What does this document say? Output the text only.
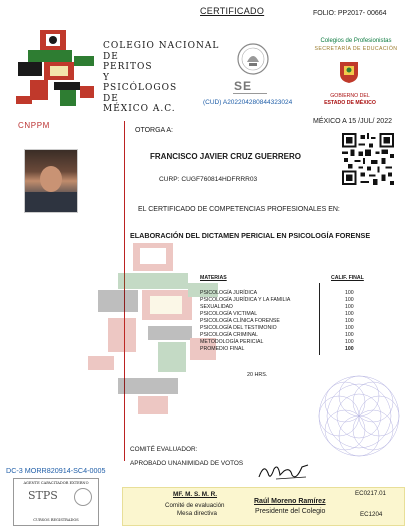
CERTIFICADO	FOLIO: PP2017- 00664
COLEGIO NACIONAL
DE
PERITOS
Y
PSICÓLOGOS
DE
MÉXICO A.C.
SE
(CUD) A202204280844323024
Colegios de Profesionistas
SECRETARÍA DE EDUCACIÓN
GOBIERNO DEL
ESTADO DE MÉXICO
CNPPM	MÉXICO A 15 /JUL/ 2022
OTORGA A:
FRANCISCO JAVIER CRUZ GUERRERO
CURP: CUGF760814HDFRRR03
EL CERTIFICADO DE COMPETENCIAS PROFESIONALES EN:
ELABORACIÓN DEL DICTAMEN PERICIAL EN PSICOLOGÍA FORENSE
MATERIAS	CALIF. FINAL
PSICOLOGÍA JURÍDICA	100
PSICOLOGÍA JURÍDICA Y LA FAMILIA	100
SEXUALIDAD	100
PSICOLOGÍA VICTIMAL	100
PSICOLOGÍA CLÍNICA FORENSE	100
PSICOLOGÍA DEL TESTIMONIO	100
PSICOLOGÍA CRIMINAL	100
METODOLOGÍA PERICIAL	100
PROMEDIO FINAL	100
20 HRS.
COMITÉ EVALUADOR:
APROBADO UNANIMIDAD DE VOTOS
DC-3 MORR820914-SC4-0005
AGENTE CAPACITADOR EXTERNO
STPS
CURSOS REGISTRADOS
MF. M. S. M. R.
Comité de evaluación
Mesa directiva
Raúl Moreno Ramírez
Presidente del Colegio
EC0217.01
EC1204
